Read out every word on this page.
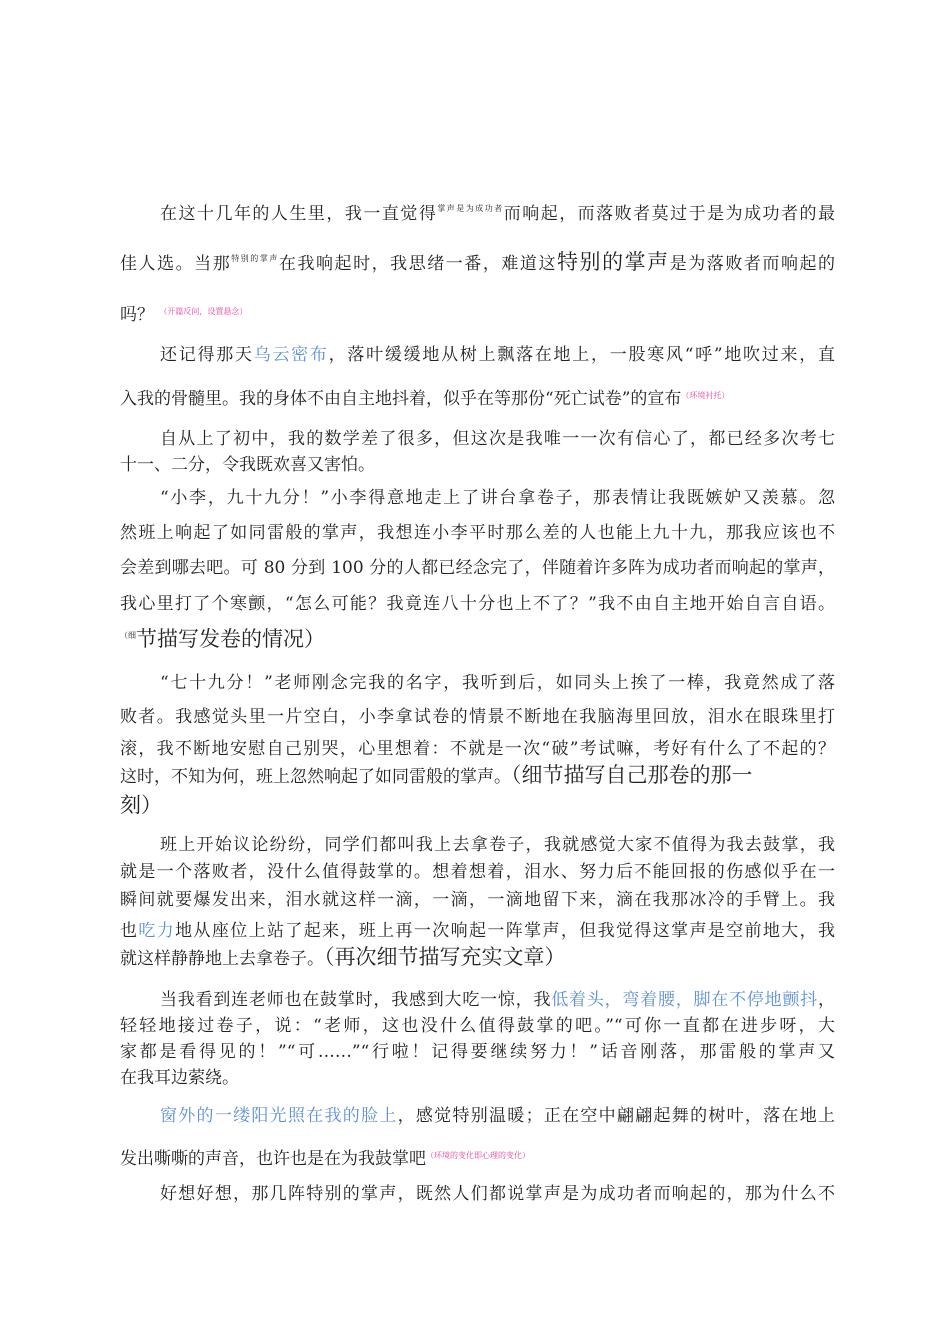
在这十几年的人生里，我一直觉得$^{掌声是为成功者}$而响起，而落败者莫过于是为成功者的最
佳人选。当那$^{特别的掌声}$在我响起时，我思绪一番，难道这特别的掌声是为落败者而响起的
吗？ $^{(开篇反问,设置悬念)}$
还记得那天乌云密布，落叶缓缓地从树上飘落在地上，一股寒风“呼”地吹过来，直
入我的骨髓里。我的身体不由自主地抖着，似乎在等那份“死亡试卷”的宣布$^{(环境衬托)}$
自从上了初中，我的数学差了很多，但这次是我唯一一次有信心了，都已经多次考七
十一、二分，令我既欢喜又害怕。
“小李，九十九分！”小李得意地走上了讲台拿卷子，那表情让我既嫉妒又羡慕。忽
然班上响起了如同雷般的掌声，我想连小李平时那么差的人也能上九十九，那我应该也不
会差到哪去吧。可 80 分到 100 分的人都已经念完了，伴随着许多阵为成功者而响起的掌声，
我心里打了个寒颤，“怎么可能？我竟连八十分也上不了？”我不由自主地开始自言自语。
$^{(细}$节描写发卷的情况）
“七十九分！”老师刚念完我的名字，我听到后，如同头上挨了一棒，我竟然成了落
败者。我感觉头里一片空白，小李拿试卷的情景不断地在我脑海里回放，泪水在眼珠里打
滚，我不断地安慰自己别哭，心里想着：不就是一次“破”考试嘛，考好有什么了不起的？
这时，不知为何，班上忽然响起了如同雷般的掌声。（细节描写自己那卷的那一
刻）
班上开始议论纷纷，同学们都叫我上去拿卷子，我就感觉大家不值得为我去鼓掌，我
就是一个落败者，没什么值得鼓掌的。想着想着，泪水、努力后不能回报的伤感似乎在一
瞬间就要爆发出来，泪水就这样一滴，一滴，一滴地留下来，滴在我那冰冷的手臂上。我
也吃力地从座位上站了起来，班上再一次响起一阵掌声，但我觉得这掌声是空前地大，我
就这样静静地上去拿卷子。（再次细节描写充实文章）
当我看到连老师也在鼓掌时，我感到大吃一惊，我低着头，弯着腰，脚在不停地颤抖，
轻轻地接过卷子，说：“老师，这也没什么值得鼓掌的吧。”“可你一直都在进步呀，大
家都是看得见的！”“可……”“行啦！记得要继续努力！”话音刚落，那雷般的掌声又
在我耳边萦绕。
窗外的一缕阳光照在我的脸上，感觉特别温暖；正在空中翩翩起舞的树叶，落在地上
发出嘶嘶的声音，也许也是在为我鼓掌吧$^{(环境的变化即心理的变化)}$
好想好想，那几阵特别的掌声，既然人们都说掌声是为成功者而响起的，那为什么不
